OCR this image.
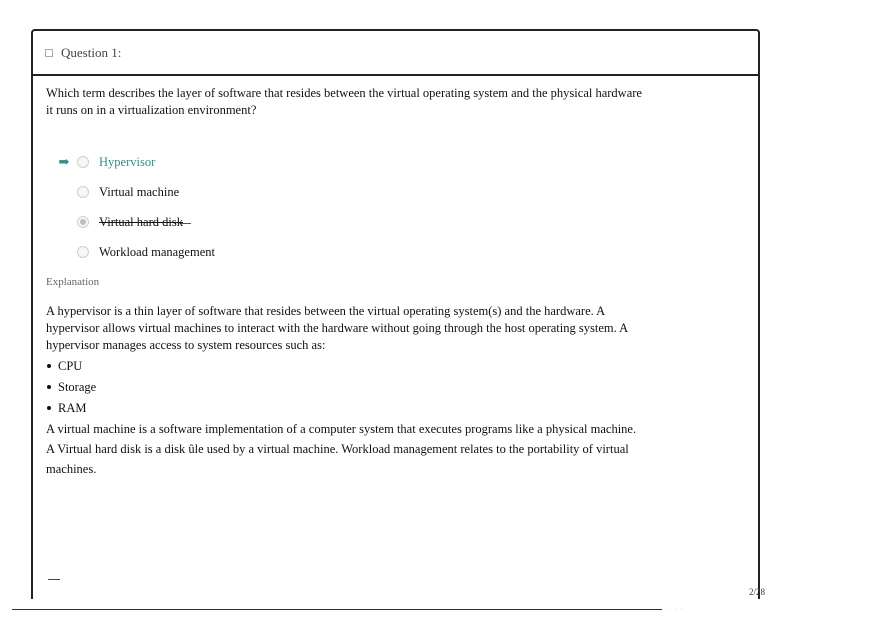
Question 1:
Which term describes the layer of software that resides between the virtual operating system and the physical hardware it runs on in a virtualization environment?
➡ Hypervisor
Virtual machine
Virtual hard disk
Workload management
Explanation

A hypervisor is a thin layer of software that resides between the virtual operating system(s) and the hardware. A hypervisor allows virtual machines to interact with the hardware without going through the host operating system. A hypervisor manages access to system resources such as:

CPU
Storage
RAM

A virtual machine is a software implementation of a computer system that executes programs like a physical machine. A Virtual hard disk is a disk ûle used by a virtual machine. Workload management relates to the portability of virtual machines.

2/28
· · ·
